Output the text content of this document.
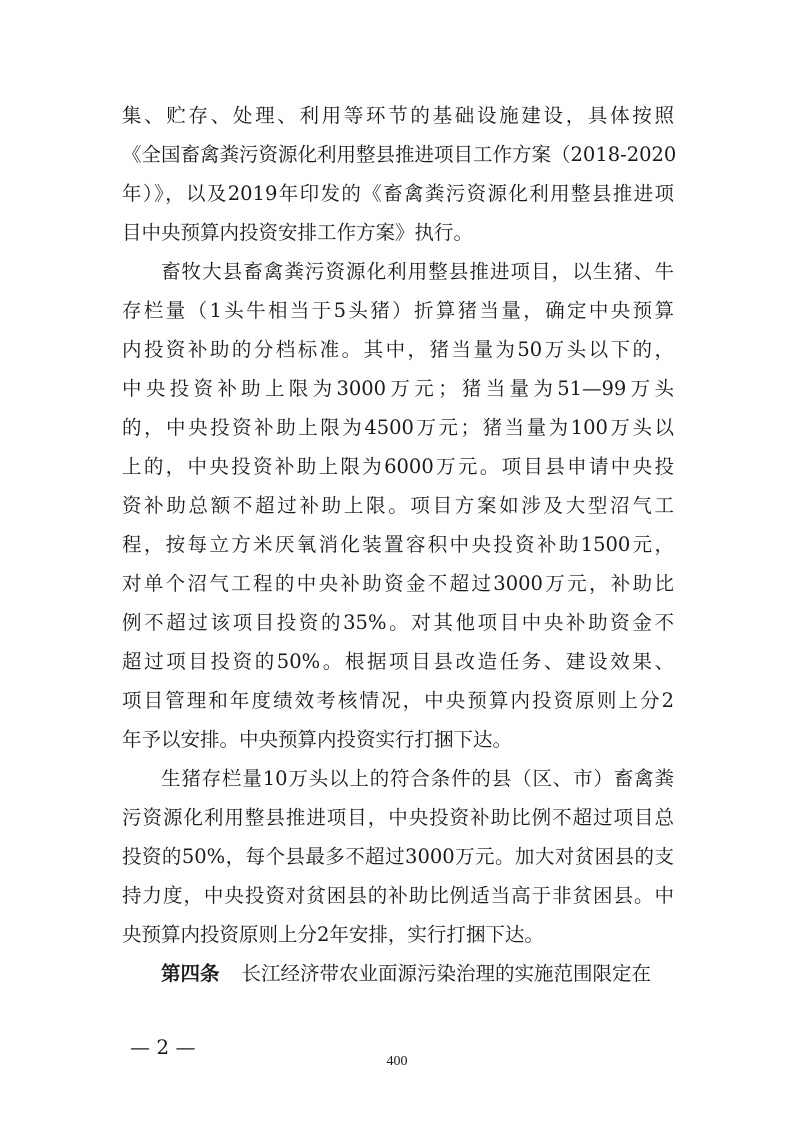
集、贮存、处理、利用等环节的基础设施建设，具体按照
《全国畜禽粪污资源化利用整县推进项目工作方案（2018-2020
年）》，以及2019年印发的《畜禽粪污资源化利用整县推进项
目中央预算内投资安排工作方案》执行。
畜牧大县畜禽粪污资源化利用整县推进项目，以生猪、牛
存栏量（1头牛相当于5头猪）折算猪当量，确定中央预算
内投资补助的分档标准。其中，猪当量为50万头以下的，
中央投资补助上限为3000万元；猪当量为51—99万头
的，中央投资补助上限为4500万元；猪当量为100万头以
上的，中央投资补助上限为6000万元。项目县申请中央投
资补助总额不超过补助上限。项目方案如涉及大型沼气工
程，按每立方米厌氧消化装置容积中央投资补助1500元，
对单个沼气工程的中央补助资金不超过3000万元，补助比
例不超过该项目投资的35%。对其他项目中央补助资金不
超过项目投资的50%。根据项目县改造任务、建设效果、
项目管理和年度绩效考核情况，中央预算内投资原则上分2
年予以安排。中央预算内投资实行打捆下达。
生猪存栏量10万头以上的符合条件的县（区、市）畜禽粪
污资源化利用整县推进项目，中央投资补助比例不超过项目总
投资的50%，每个县最多不超过3000万元。加大对贫困县的支
持力度，中央投资对贫困县的补助比例适当高于非贫困县。中
央预算内投资原则上分2年安排，实行打捆下达。
第四条 长江经济带农业面源污染治理的实施范围限定在
— 2 —
400
